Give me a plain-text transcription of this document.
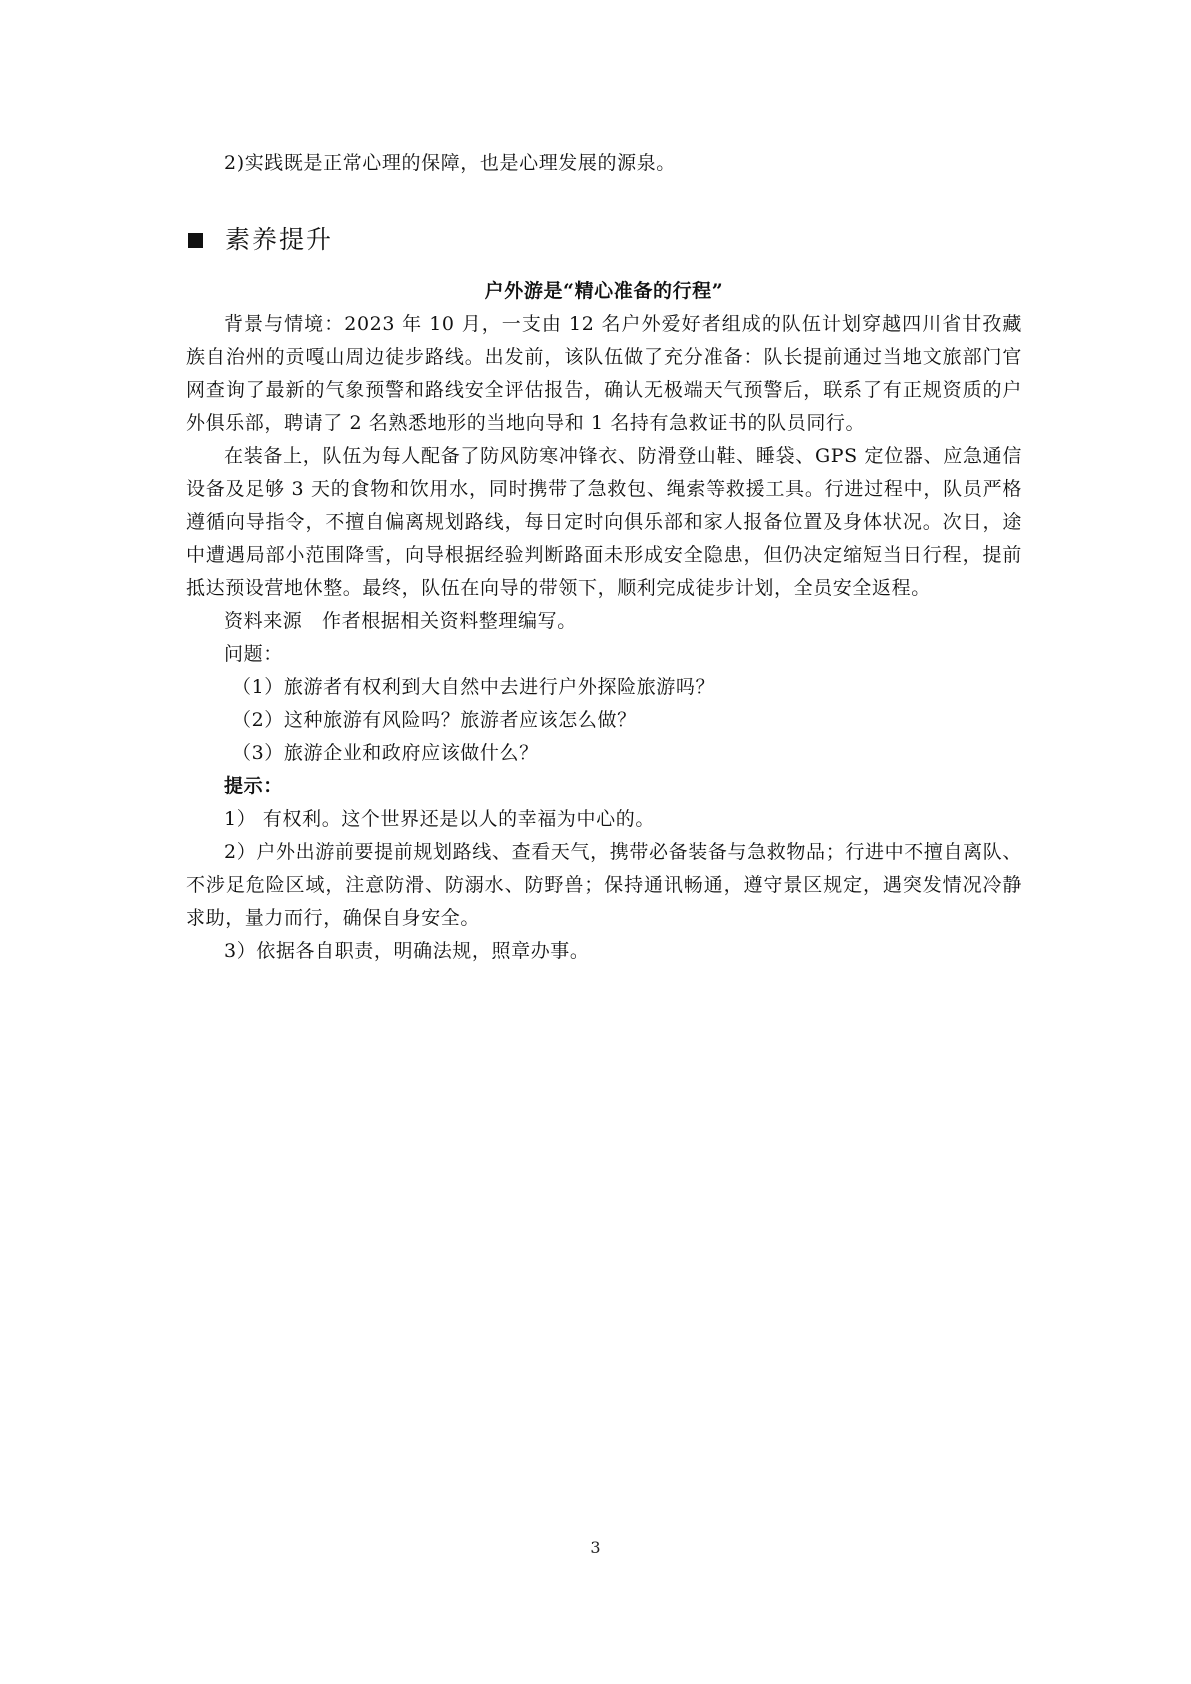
2)实践既是正常心理的保障，也是心理发展的源泉。

素养提升

户外游是“精心准备的行程”

背景与情境：2023 年 10 月，一支由 12 名户外爱好者组成的队伍计划穿越四川省甘孜藏族自治州的贡嘎山周边徒步路线。出发前，该队伍做了充分准备：队长提前通过当地文旅部门官网查询了最新的气象预警和路线安全评估报告，确认无极端天气预警后，联系了有正规资质的户外俱乐部，聘请了 2 名熟悉地形的当地向导和 1 名持有急救证书的队员同行。

在装备上，队伍为每人配备了防风防寒冲锋衣、防滑登山鞋、睡袋、GPS 定位器、应急通信设备及足够 3 天的食物和饮用水，同时携带了急救包、绳索等救援工具。行进过程中，队员严格遵循向导指令，不擅自偏离规划路线，每日定时向俱乐部和家人报备位置及身体状况。次日，途中遭遇局部小范围降雪，向导根据经验判断路面未形成安全隐患，但仍决定缩短当日行程，提前抵达预设营地休整。最终，队伍在向导的带领下，顺利完成徒步计划，全员安全返程。

资料来源　作者根据相关资料整理编写。

问题：

（1）旅游者有权利到大自然中去进行户外探险旅游吗？

（2）这种旅游有风险吗？旅游者应该怎么做？

（3）旅游企业和政府应该做什么？

提示：

1） 有权利。这个世界还是以人的幸福为中心的。

2）户外出游前要提前规划路线、查看天气，携带必备装备与急救物品；行进中不擅自离队、不涉足危险区域，注意防滑、防溺水、防野兽；保持通讯畅通，遵守景区规定，遇突发情况冷静求助，量力而行，确保自身安全。

3）依据各自职责，明确法规，照章办事。

3
